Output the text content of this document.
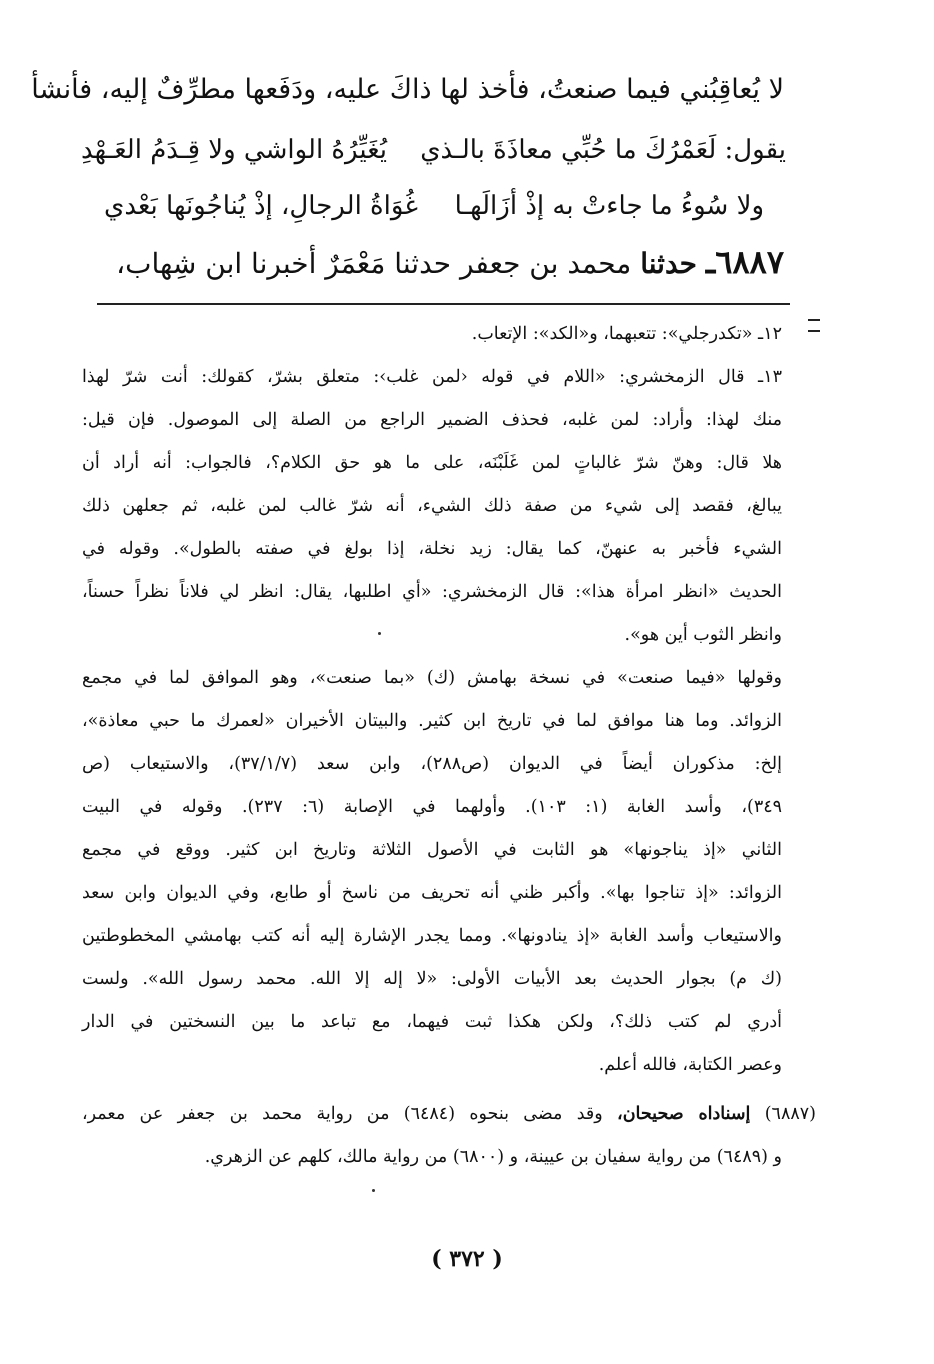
لا يُعاقِبُني فيما صنعتُ، فأخذ لها ذاكَ عليه، ودَفَعها مطرِّفٌ إليه، فأنشأ
يقول: لَعَمْرُكَ ما حُبِّي معاذَةَ بالـذي
يُغَيِّرُهُ الواشي ولا قِـدَمُ العَـهْدِ
ولا سُوءُ ما جاءتْ به إذْ أزَالَهـا
غُوَاةُ الرجالِ، إذْ يُناجُونَها بَعْدي
٦٨٨٧ـ حدثنا محمد بن جعفر حدثنا مَعْمَرٌ أخبرنا ابن شِهاب،
١٢ـ «تكدرجلي»: تتعبهما، و«الكد»: الإتعاب.
١٣ـ قال الزمخشري: «اللام في قوله ‹لمن غلب›: متعلق بشرّ، كقولك: أنت شرّ لهذا
منك لهذا: وأراد: لمن غلبه، فحذف الضمير الراجع من الصلة إلى الموصول. فإن قيل:
هلا قال: وهنّ شرّ غالباتٍ لمن غَلَبْنَه، على ما هو حق الكلام؟، فالجواب: أنه أراد أن
يبالغ، فقصد إلى شيء من صفة ذلك الشيء، أنه شرّ غالب لمن غلبه، ثم جعلهن ذلك
الشيء فأخبر به عنهنّ، كما يقال: زيد نخلة، إذا بولغ في صفته بالطول». وقوله في
الحديث «انظر امرأة هذا»: قال الزمخشري: «أي اطلبها، يقال: انظر لي فلاناً نظراً حسناً،
وانظر الثوب أين هو».
وقولها «فيما صنعت» في نسخة بهامش (ك) «بما صنعت»، وهو الموافق لما في مجمع
الزوائد. وما هنا موافق لما في تاريخ ابن كثير. والبيتان الأخيران «لعمرك ما حبي معاذة»،
إلخ: مذكوران أيضاً في الديوان (ص٢٨٨)، وابن سعد (٣٧/١/٧)، والاستيعاب (ص
٣٤٩)، وأسد الغابة (١: ١٠٣). وأولهما في الإصابة (٦: ٢٣٧). وقوله في البيت
الثاني «إذ يناجونها» هو الثابت في الأصول الثلاثة وتاريخ ابن كثير. ووقع في مجمع
الزوائد: «إذ تناجوا بها». وأكبر ظني أنه تحريف من ناسخ أو طابع، وفي الديوان وابن سعد
والاستيعاب وأسد الغابة «إذ ينادونها». ومما يجدر الإشارة إليه أنه كتب بهامشي المخطوطتين
(ك م) بجوار الحديث بعد الأبيات الأولى: «لا إله إلا الله. محمد رسول الله». ولست
أدري لم كتب ذلك؟، ولكن هكذا ثبت فيهما، مع تباعد ما بين النسختين في الدار
وعصر الكتابة، فالله أعلم.
(٦٨٨٧) إسناداه صحيحان، وقد مضى بنحوه (٦٤٨٤) من رواية محمد بن جعفر عن معمر،
و (٦٤٨٩) من رواية سفيان بن عيينة، و (٦٨٠٠) من رواية مالك، كلهم عن الزهري.
( ٣٧٢ )
